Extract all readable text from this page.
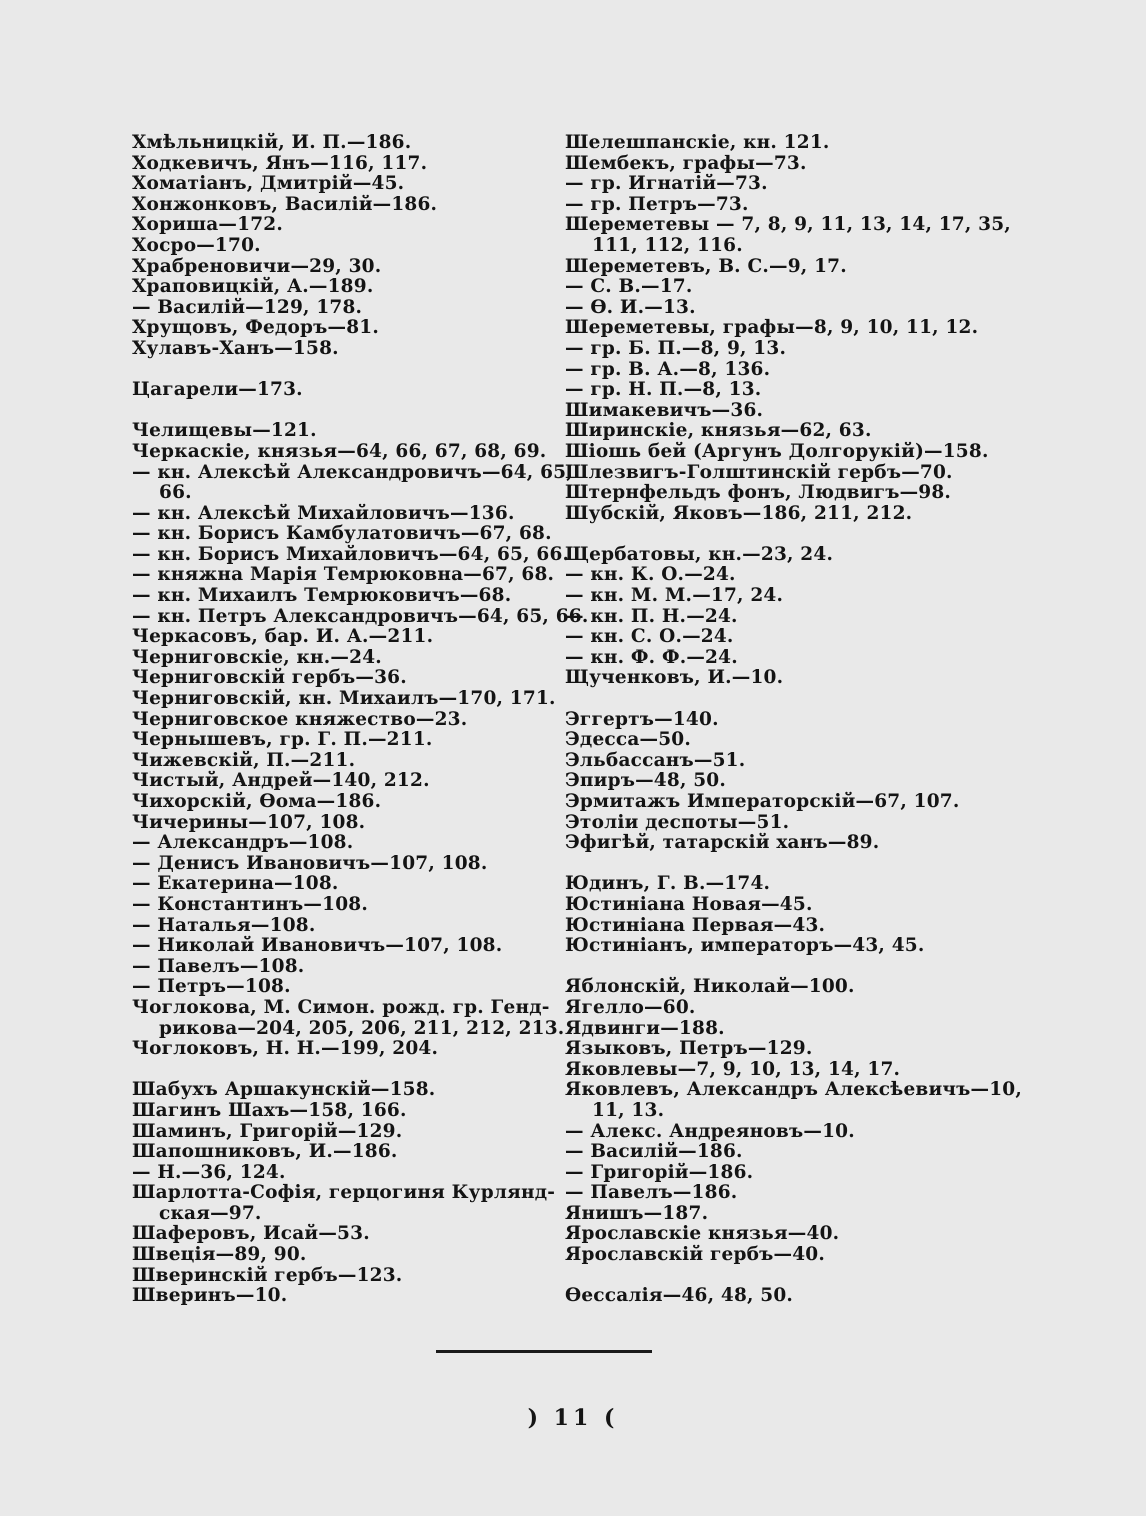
Хмѣльницкій, И. П.—186.
Ходкевичъ, Янъ—116, 117.
Хоматіанъ, Дмитрій—45.
Хонжонковъ, Василій—186.
Хориша—172.
Хосро—170.
Храбреновичи—29, 30.
Храповицкій, А.—189.
— Василій—129, 178.
Хрущовъ, Федоръ—81.
Хулавъ-Ханъ—158.
Цагарели—173.
Челищевы—121.
Черкаскіе, князья—64, 66, 67, 68, 69.
— кн. Алексѣй Александровичъ—64, 65,
66.
— кн. Алексѣй Михайловичъ—136.
— кн. Борисъ Камбулатовичъ—67, 68.
— кн. Борисъ Михайловичъ—64, 65, 66.
— княжна Марія Темрюковна—67, 68.
— кн. Михаилъ Темрюковичъ—68.
— кн. Петръ Александровичъ—64, 65, 66.
Черкасовъ, бар. И. А.—211.
Черниговскіе, кн.—24.
Черниговскій гербъ—36.
Черниговскій, кн. Михаилъ—170, 171.
Черниговское княжество—23.
Чернышевъ, гр. Г. П.—211.
Чижевскій, П.—211.
Чистый, Андрей—140, 212.
Чихорскій, Ѳома—186.
Чичерины—107, 108.
— Александръ—108.
— Денисъ Ивановичъ—107, 108.
— Екатерина—108.
— Константинъ—108.
— Наталья—108.
— Николай Ивановичъ—107, 108.
— Павелъ—108.
— Петръ—108.
Чоглокова, М. Симон. рожд. гр. Генд-
рикова—204, 205, 206, 211, 212, 213.
Чоглоковъ, Н. Н.—199, 204.
Шабухъ Аршакунскій—158.
Шагинъ Шахъ—158, 166.
Шаминъ, Григорій—129.
Шапошниковъ, И.—186.
— Н.—36, 124.
Шарлотта-Софія, герцогиня Курлянд-
ская—97.
Шаферовъ, Исай—53.
Швеція—89, 90.
Шверинскій гербъ—123.
Шверинъ—10.
Шелешпанскіе, кн. 121.
Шембекъ, графы—73.
— гр. Игнатій—73.
— гр. Петръ—73.
Шереметевы — 7, 8, 9, 11, 13, 14, 17, 35,
111, 112, 116.
Шереметевъ, В. С.—9, 17.
— С. В.—17.
— Ѳ. И.—13.
Шереметевы, графы—8, 9, 10, 11, 12.
— гр. Б. П.—8, 9, 13.
— гр. В. А.—8, 136.
— гр. Н. П.—8, 13.
Шимакевичъ—36.
Ширинскіе, князья—62, 63.
Шіошь бей (Аргунъ Долгорукій)—158.
Шлезвигъ-Голштинскій гербъ—70.
Штернфельдъ фонъ, Людвигъ—98.
Шубскій, Яковъ—186, 211, 212.
Щербатовы, кн.—23, 24.
— кн. К. О.—24.
— кн. М. М.—17, 24.
— кн. П. Н.—24.
— кн. С. О.—24.
— кн. Ф. Ф.—24.
Щученковъ, И.—10.
Эггертъ—140.
Эдесса—50.
Эльбассанъ—51.
Эпиръ—48, 50.
Эрмитажъ Императорскій—67, 107.
Этоліи деспоты—51.
Эфигѣй, татарскій ханъ—89.
Юдинъ, Г. В.—174.
Юстиніана Новая—45.
Юстиніана Первая—43.
Юстиніанъ, императоръ—43, 45.
Яблонскій, Николай—100.
Ягелло—60.
Ядвинги—188.
Языковъ, Петръ—129.
Яковлевы—7, 9, 10, 13, 14, 17.
Яковлевъ, Александръ Алексѣевичъ—10,
11, 13.
— Алекс. Андреяновъ—10.
— Василій—186.
— Григорій—186.
— Павелъ—186.
Янишъ—187.
Ярославскіе князья—40.
Ярославскій гербъ—40.
Ѳессалія—46, 48, 50.
) 11 (
